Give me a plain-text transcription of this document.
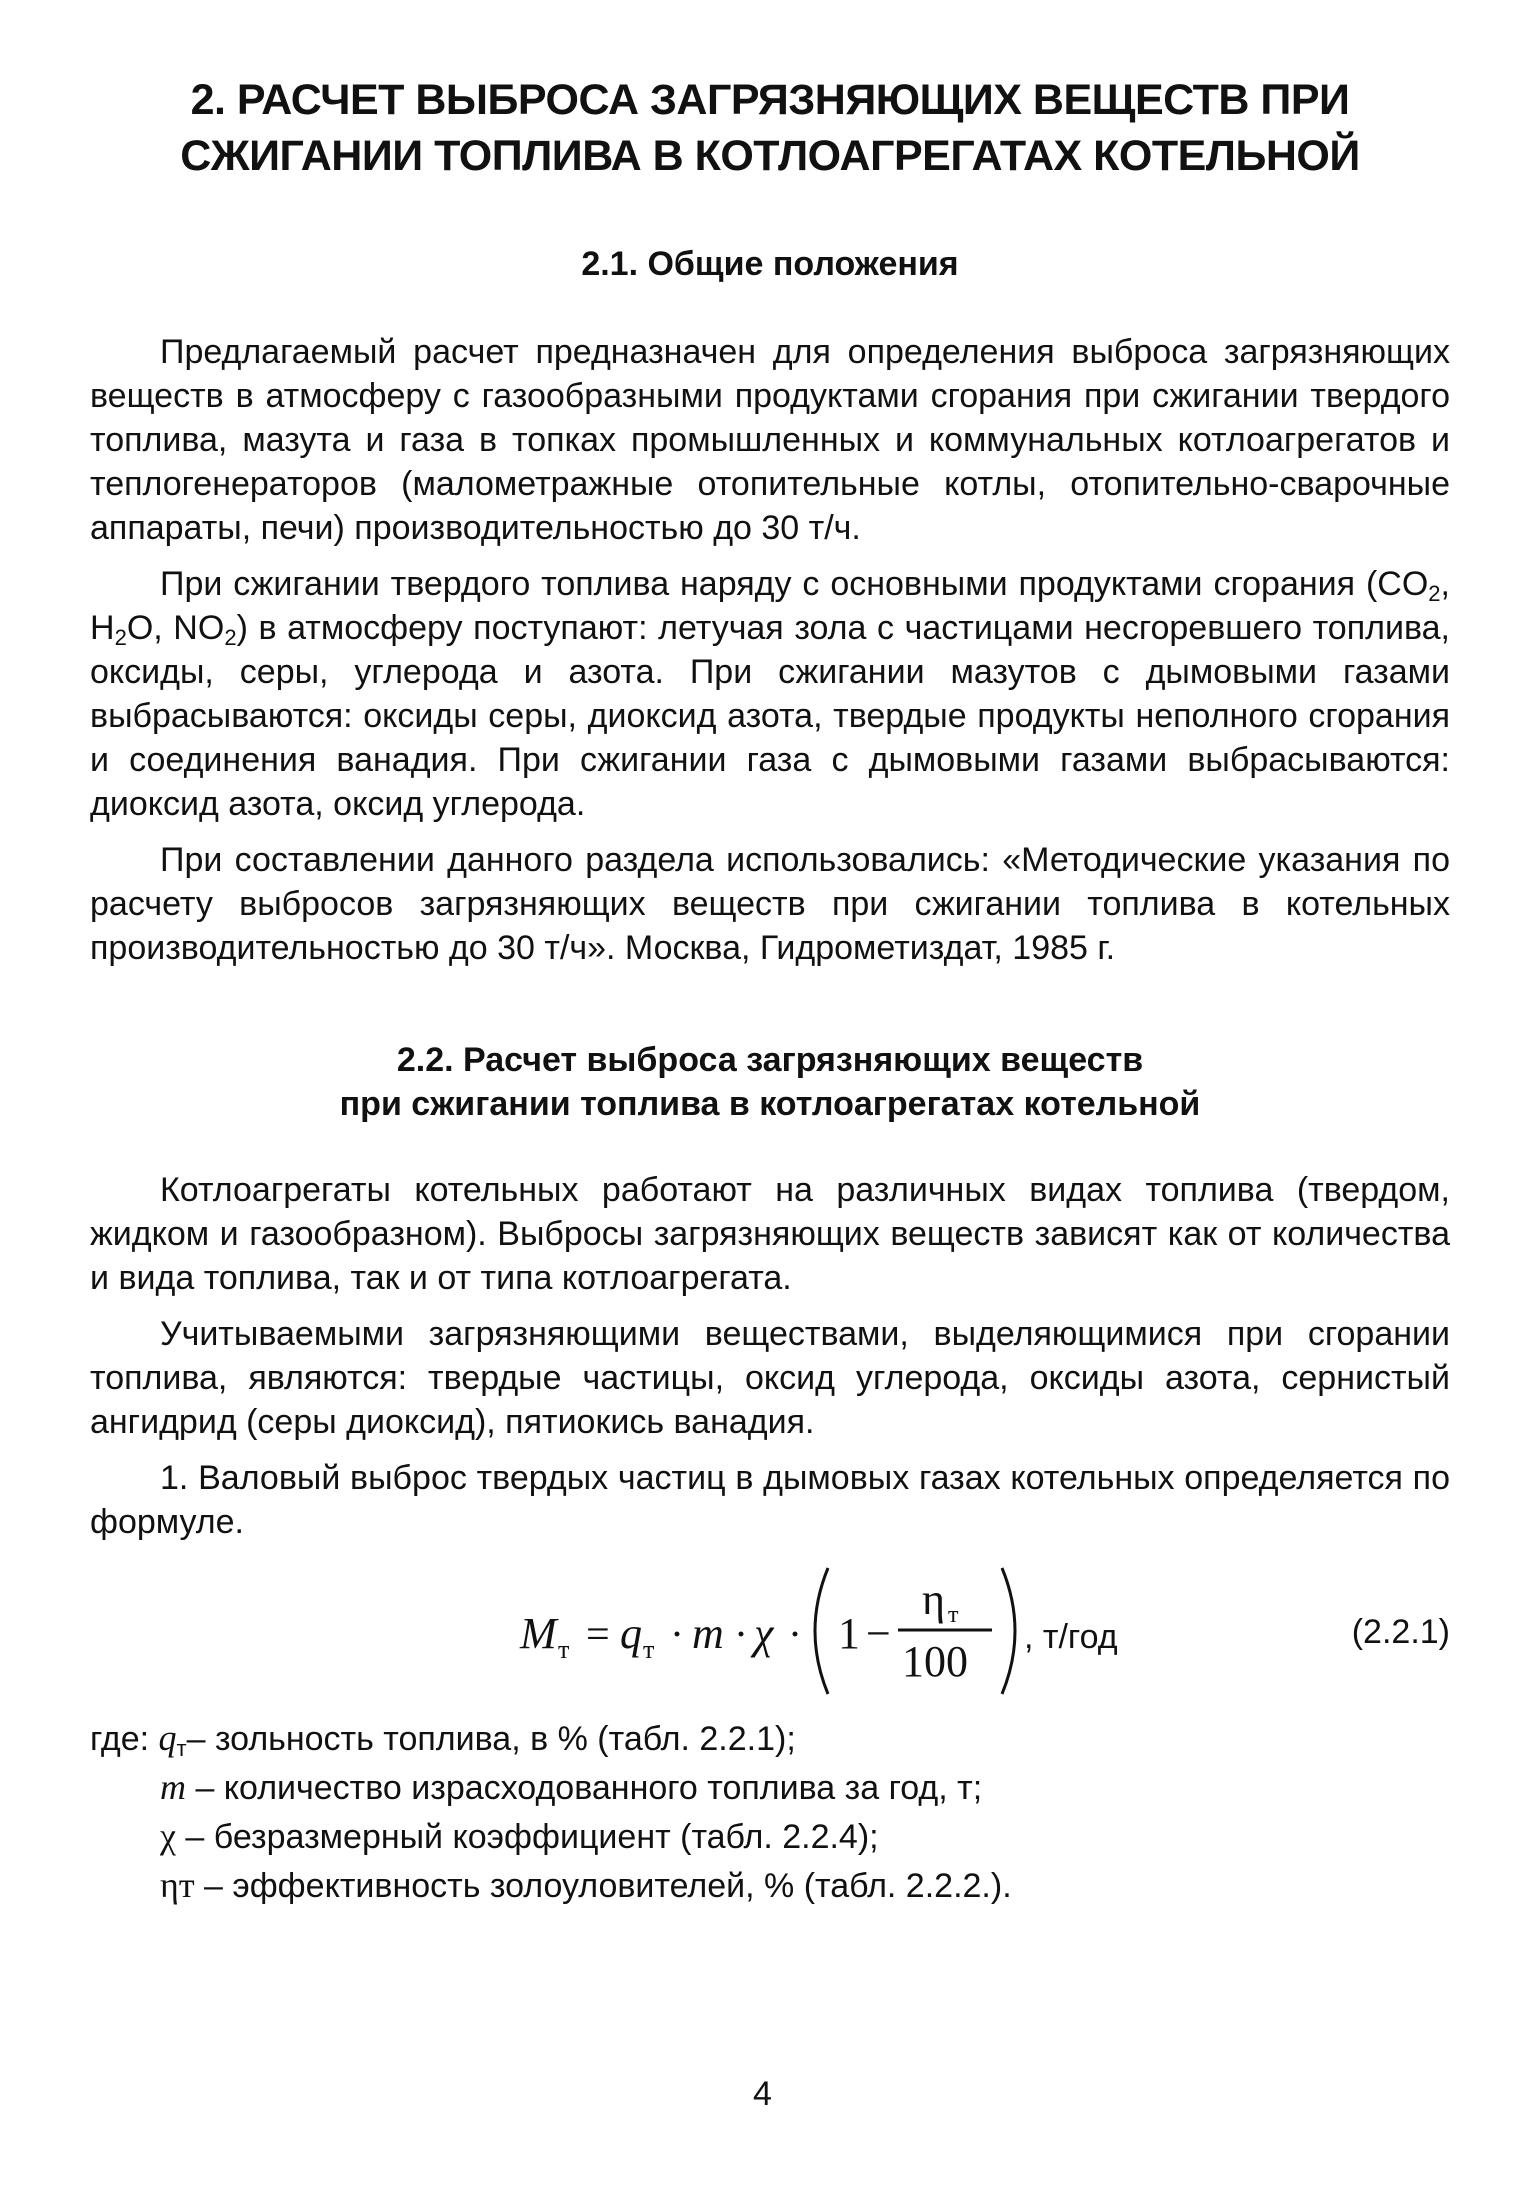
2. РАСЧЕТ ВЫБРОСА ЗАГРЯЗНЯЮЩИХ ВЕЩЕСТВ ПРИ
СЖИГАНИИ ТОПЛИВА В КОТЛОАГРЕГАТАХ КОТЕЛЬНОЙ
2.1. Общие положения

Предлагаемый расчет предназначен для определения выброса загрязняющих веществ в атмосферу с газообразными продуктами сгорания при сжигании твердого топлива, мазута и газа в топках промышленных и коммунальных котлоагрегатов и теплогенераторов (малометражные отопительные котлы, отопительно-сварочные аппараты, печи) производительностью до 30 т/ч.

При сжигании твердого топлива наряду с основными продуктами сгорания ($CO_2$, $H_2O$, $NO_2$) в атмосферу поступают: летучая зола с частицами несгоревшего топлива, оксиды, серы, углерода и азота. При сжигании мазутов с дымовыми газами выбрасываются: оксиды серы, диоксид азота, твердые продукты неполного сгорания и соединения ванадия. При сжигании газа с дымовыми газами выбрасываются: диоксид азота, оксид углерода.

При составлении данного раздела использовались: «Методические указания по расчету выбросов загрязняющих веществ при сжигании топлива в котельных производительностью до 30 т/ч». Москва, Гидрометиздат, 1985 г.

2.2. Расчет выброса загрязняющих веществ
при сжигании топлива в котлоагрегатах котельной

Котлоагрегаты котельных работают на различных видах топлива (твердом, жидком и газообразном). Выбросы загрязняющих веществ зависят как от количества и вида топлива, так и от типа котлоагрегата.

Учитываемыми загрязняющими веществами, выделяющимися при сгорании топлива, являются: твердые частицы, оксид углерода, оксиды азота, сернистый ангидрид (серы диоксид), пятиокись ванадия.

1. Валовый выброс твердых частиц в дымовых газах котельных определяется по формуле.

M т = q т · m · χ · 1 −
η т
100 , т/год	(2.2.1)

где: $q_т-$ зольность топлива, в % (табл. 2.2.1);

m – количество израсходованного топлива за год, т;

χ – безразмерный коэффициент (табл. 2.2.4);

ηт – эффективность золоуловителей, % (табл. 2.2.2.).

4
